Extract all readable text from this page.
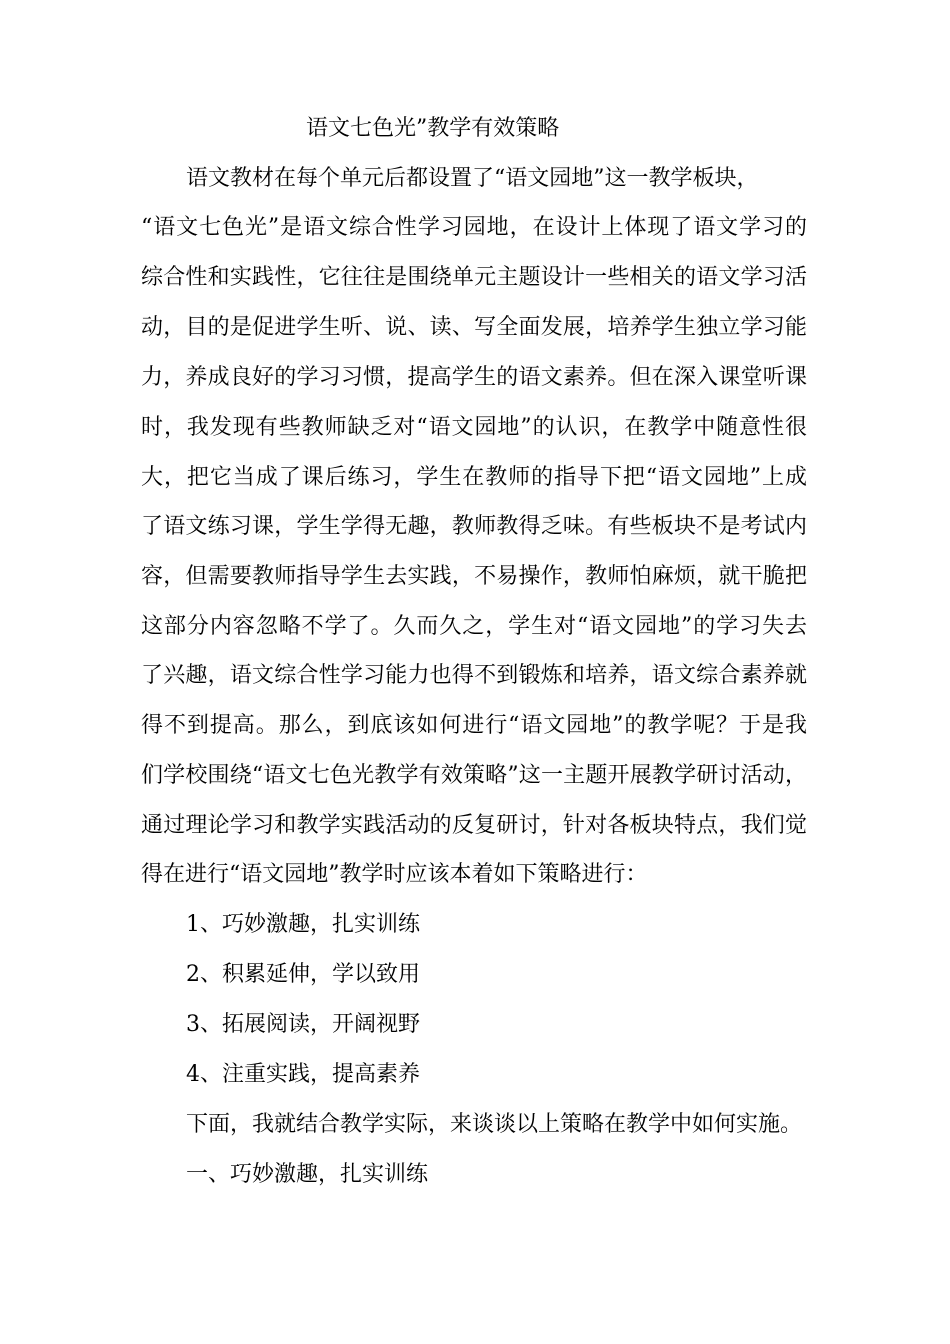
语文七色光”教学有效策略
语文教材在每个单元后都设置了“语文园地”这一教学板块，
“语文七色光”是语文综合性学习园地，在设计上体现了语文学习的
综合性和实践性，它往往是围绕单元主题设计一些相关的语文学习活
动，目的是促进学生听、说、读、写全面发展，培养学生独立学习能
力，养成良好的学习习惯，提高学生的语文素养。但在深入课堂听课
时，我发现有些教师缺乏对“语文园地”的认识，在教学中随意性很
大，把它当成了课后练习，学生在教师的指导下把“语文园地”上成
了语文练习课，学生学得无趣，教师教得乏味。有些板块不是考试内
容，但需要教师指导学生去实践，不易操作，教师怕麻烦，就干脆把
这部分内容忽略不学了。久而久之，学生对“语文园地”的学习失去
了兴趣，语文综合性学习能力也得不到锻炼和培养，语文综合素养就
得不到提高。那么，到底该如何进行“语文园地”的教学呢？于是我
们学校围绕“语文七色光教学有效策略”这一主题开展教学研讨活动，
通过理论学习和教学实践活动的反复研讨，针对各板块特点，我们觉
得在进行“语文园地”教学时应该本着如下策略进行：
1、巧妙激趣，扎实训练
2、积累延伸，学以致用
3、拓展阅读，开阔视野
4、注重实践，提高素养
下面，我就结合教学实际，来谈谈以上策略在教学中如何实施。
一、巧妙激趣，扎实训练
